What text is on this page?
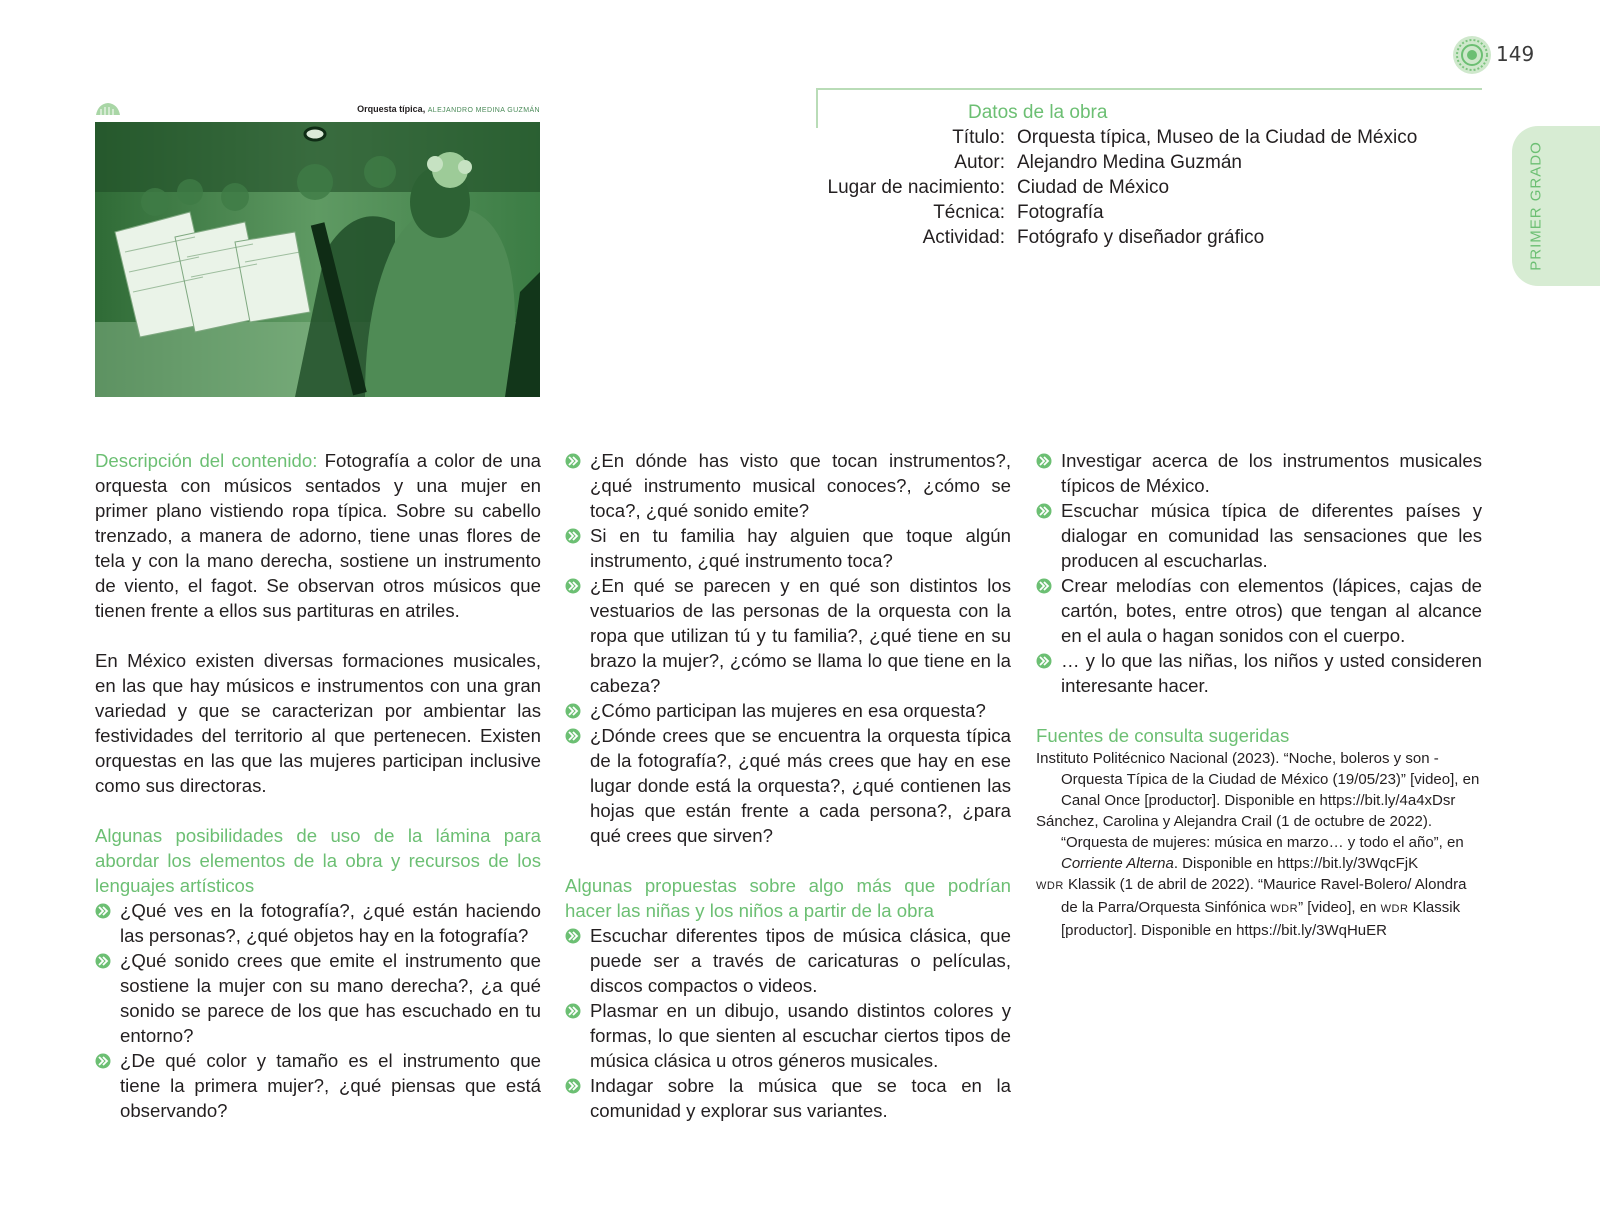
149
PRIMER GRADO
Orquesta típica, ALEJANDRO MEDINA GUZMÁN	Datos de la obra
Título: Orquesta típica, Museo de la Ciudad de México
Autor: Alejandro Medina Guzmán
Lugar de nacimiento: Ciudad de México
Técnica: Fotografía
Actividad: Fotógrafo y diseñador gráfico

Descripción del contenido: Fotografía a color de una orquesta con músicos sentados y una mujer en primer plano vistiendo ropa típica. Sobre su cabello trenzado, a manera de adorno, tiene unas flores de tela y con la mano derecha, sostiene un instrumento de viento, el fagot. Se observan otros músicos que tienen frente a ellos sus partituras en atriles.

En México existen diversas formaciones musicales, en las que hay músicos e instrumentos con una gran variedad y que se caracterizan por ambientar las festividades del territorio al que pertenecen. Existen orquestas en las que las mujeres participan inclusive como sus directoras.

Algunas posibilidades de uso de la lámina para abordar los elementos de la obra y recursos de los lenguajes artísticos

¿Qué ves en la fotografía?, ¿qué están haciendo las personas?, ¿qué objetos hay en la fotografía?
¿Qué sonido crees que emite el instrumento que sostiene la mujer con su mano derecha?, ¿a qué sonido se parece de los que has escuchado en tu entorno?
¿De qué color y tamaño es el instrumento que tiene la primera mujer?, ¿qué piensas que está observando?
¿En dónde has visto que tocan instrumentos?, ¿qué instrumento musical conoces?, ¿cómo se toca?, ¿qué sonido emite?
Si en tu familia hay alguien que toque algún instrumento, ¿qué instrumento toca?
¿En qué se parecen y en qué son distintos los vestuarios de las personas de la orquesta con la ropa que utilizan tú y tu familia?, ¿qué tiene en su brazo la mujer?, ¿cómo se llama lo que tiene en la cabeza?
¿Cómo participan las mujeres en esa orquesta?
¿Dónde crees que se encuentra la orquesta típica de la fotografía?, ¿qué más crees que hay en ese lugar donde está la orquesta?, ¿qué contienen las hojas que están frente a cada persona?, ¿para qué crees que sirven?

Algunas propuestas sobre algo más que podrían hacer las niñas y los niños a partir de la obra

Escuchar diferentes tipos de música clásica, que puede ser a través de caricaturas o películas, discos compactos o videos.
Plasmar en un dibujo, usando distintos colores y formas, lo que sienten al escuchar ciertos tipos de música clásica u otros géneros musicales.
Indagar sobre la música que se toca en la comunidad y explorar sus variantes.
Investigar acerca de los instrumentos musicales típicos de México.
Escuchar música típica de diferentes países y dialogar en comunidad las sensaciones que les producen al escucharlas.
Crear melodías con elementos (lápices, cajas de cartón, botes, entre otros) que tengan al alcance en el aula o hagan sonidos con el cuerpo.
… y lo que las niñas, los niños y usted consideren interesante hacer.

Fuentes de consulta sugeridas

Instituto Politécnico Nacional (2023). “Noche, boleros y son - Orquesta Típica de la Ciudad de México (19/05/23)” [video], en Canal Once [productor]. Disponible en https://bit.ly/4a4xDsr

Sánchez, Carolina y Alejandra Crail (1 de octubre de 2022). “Orquesta de mujeres: música en marzo… y todo el año”, en Corriente Alterna. Disponible en https://bit.ly/3WqcFjK

WDR Klassik (1 de abril de 2022). “Maurice Ravel-Bolero/ Alondra de la Parra/Orquesta Sinfónica WDR” [video], en WDR Klassik [productor]. Disponible en https://bit.ly/3WqHuER
